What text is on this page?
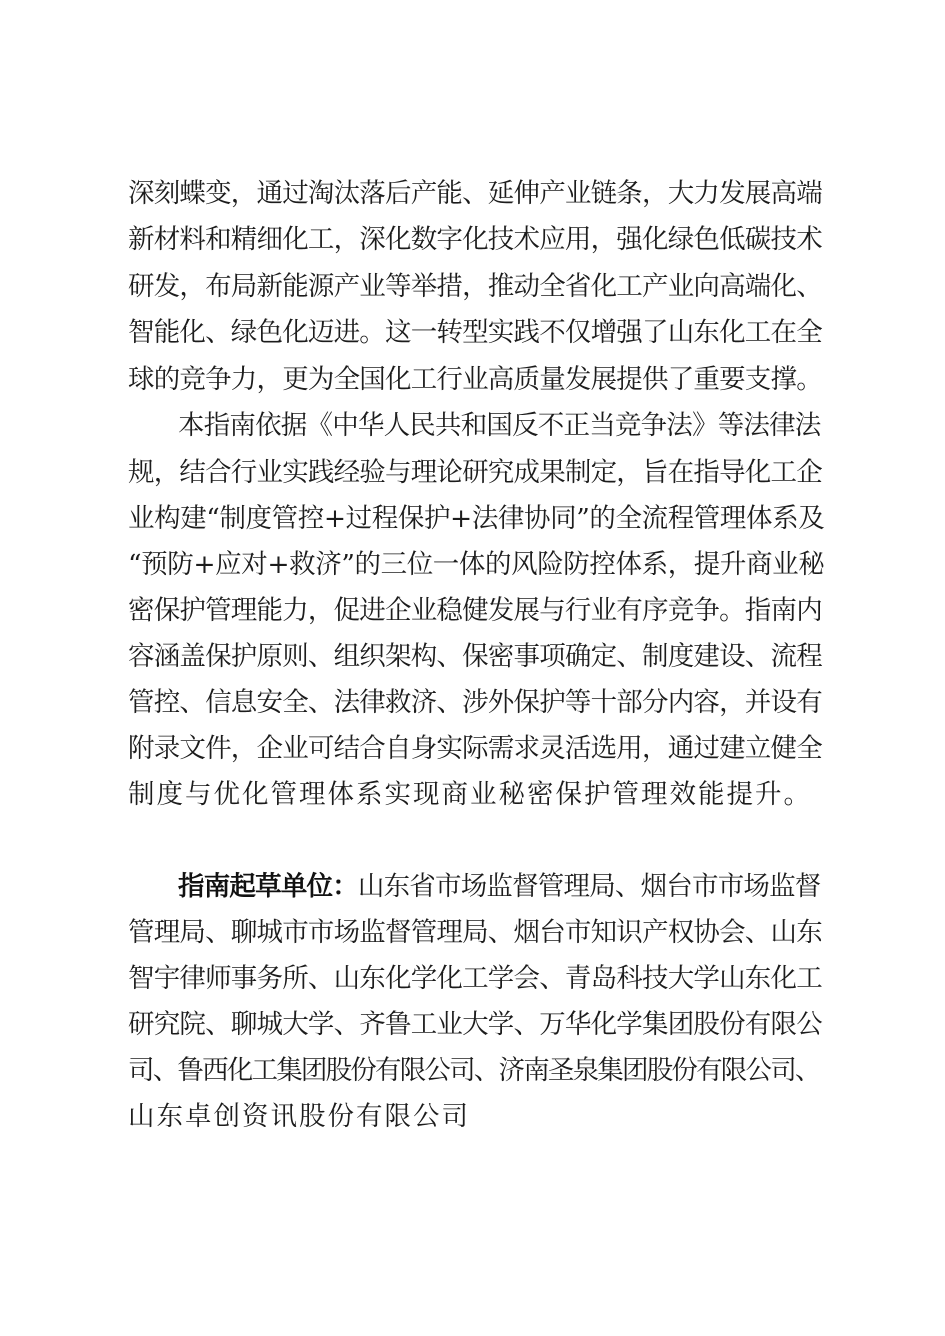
深刻蝶变，通过淘汰落后产能、延伸产业链条，大力发展高端

新材料和精细化工，深化数字化技术应用，强化绿色低碳技术

研发，布局新能源产业等举措，推动全省化工产业向高端化、

智能化、绿色化迈进。这一转型实践不仅增强了山东化工在全

球的竞争力，更为全国化工行业高质量发展提供了重要支撑。

本指南依据《中华人民共和国反不正当竞争法》等法律法

规，结合行业实践经验与理论研究成果制定，旨在指导化工企

业构建“制度管控+过程保护+法律协同”的全流程管理体系及

“预防+应对+救济”的三位一体的风险防控体系，提升商业秘

密保护管理能力，促进企业稳健发展与行业有序竞争。指南内

容涵盖保护原则、组织架构、保密事项确定、制度建设、流程

管控、信息安全、法律救济、涉外保护等十部分内容，并设有

附录文件，企业可结合自身实际需求灵活选用，通过建立健全

制度与优化管理体系实现商业秘密保护管理效能提升。

指南起草单位：山东省市场监督管理局、烟台市市场监督

管理局、聊城市市场监督管理局、烟台市知识产权协会、山东

智宇律师事务所、山东化学化工学会、青岛科技大学山东化工

研究院、聊城大学、齐鲁工业大学、万华化学集团股份有限公

司、鲁西化工集团股份有限公司、济南圣泉集团股份有限公司、

山东卓创资讯股份有限公司
